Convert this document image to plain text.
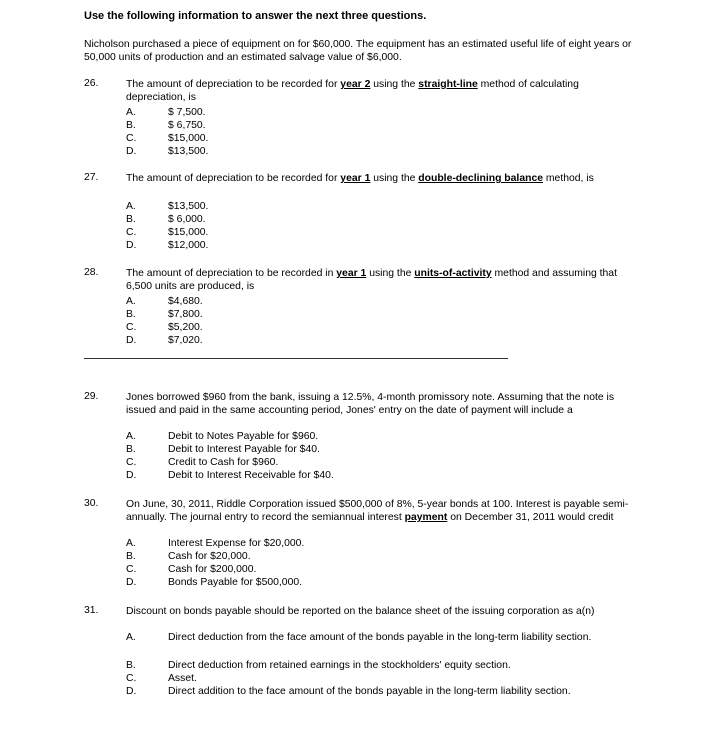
Use the following information to answer the next three questions.
Nicholson purchased a piece of equipment on for $60,000. The equipment has an estimated useful life of eight years or 50,000 units of production and an estimated salvage value of $6,000.
26.	The amount of depreciation to be recorded for year 2 using the straight-line method of calculating depreciation, is
A.	$ 7,500.
B.	$ 6,750.
C.	$15,000.
D.	$13,500.
27.	The amount of depreciation to be recorded for year 1 using the double-declining balance method, is
A.	$13,500.
B.	$ 6,000.
C.	$15,000.
D.	$12,000.
28.	The amount of depreciation to be recorded in year 1 using the units-of-activity method and assuming that 6,500 units are produced, is
A.	$4,680.
B.	$7,800.
C.	$5,200.
D.	$7,020.
29.	Jones borrowed $960 from the bank, issuing a 12.5%, 4-month promissory note. Assuming that the note is issued and paid in the same accounting period, Jones' entry on the date of payment will include a
A.	Debit to Notes Payable for $960.
B.	Debit to Interest Payable for $40.
C.	Credit to Cash for $960.
D.	Debit to Interest Receivable for $40.
30.	On June, 30, 2011, Riddle Corporation issued $500,000 of 8%, 5-year bonds at 100. Interest is payable semi-annually. The journal entry to record the semiannual interest payment on December 31, 2011 would credit
A.	Interest Expense for $20,000.
B.	Cash for $20,000.
C.	Cash for $200,000.
D.	Bonds Payable for $500,000.
31.	Discount on bonds payable should be reported on the balance sheet of the issuing corporation as a(n)
A.	Direct deduction from the face amount of the bonds payable in the long-term liability section.
B.	Direct deduction from retained earnings in the stockholders' equity section.
C.	Asset.
D.	Direct addition to the face amount of the bonds payable in the long-term liability section.
